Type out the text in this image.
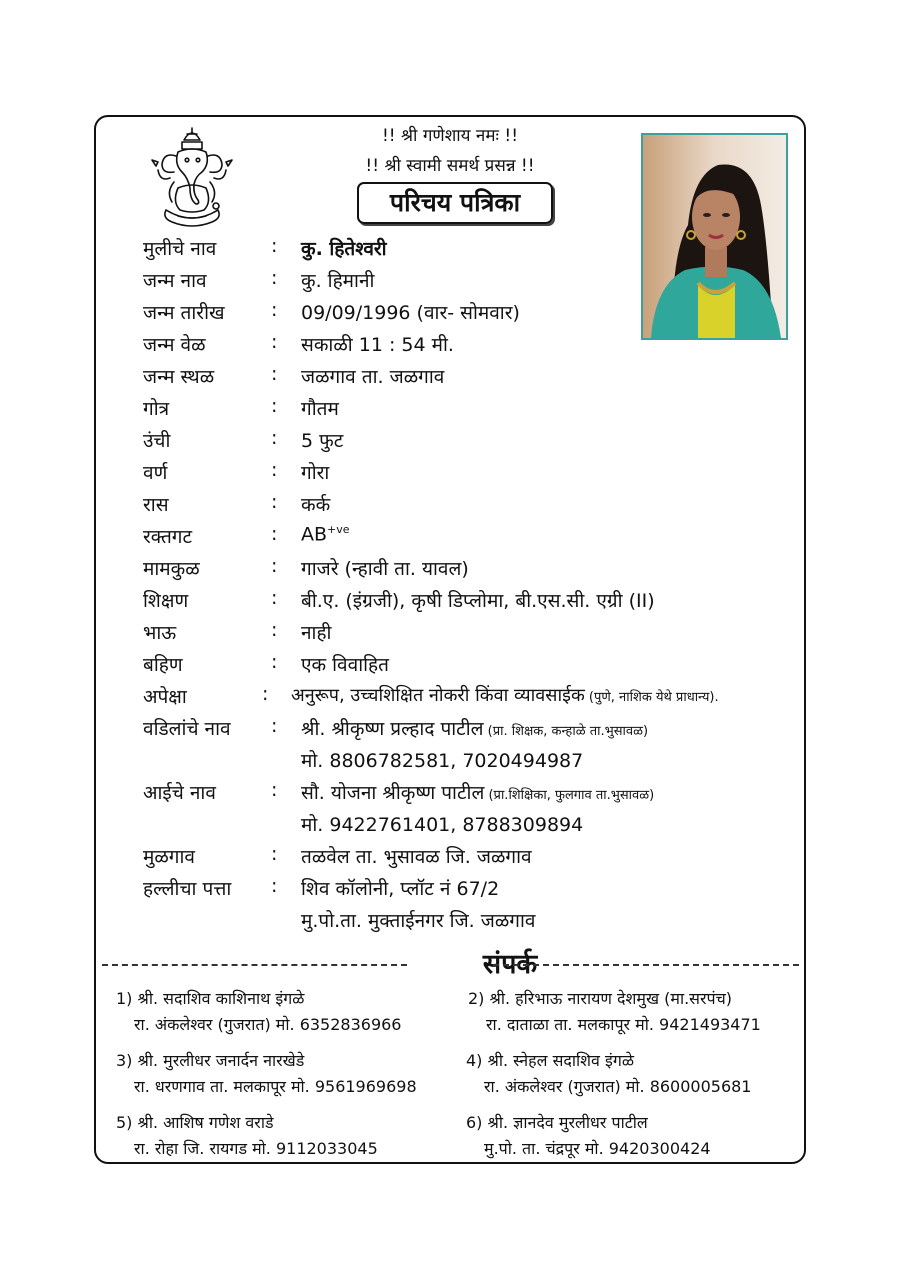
!! श्री गणेशाय नमः !!
!! श्री स्वामी समर्थ प्रसन्न !!
परिचय पत्रिका
मुलीचे नाव	: कु. हितेश्वरी
जन्म नाव	: कु. हिमानी
जन्म तारीख : 09/09/1996 (वार- सोमवार)
जन्म वेळ	: सकाळी 11 : 54 मी.
जन्म स्थळ	: जळगाव ता. जळगाव
गोत्र	: गौतम
उंची	: 5 फुट
वर्ण	: गोरा
रास	: कर्क
रक्तगट	: $AB^{+ve}$
मामकुळ	: गाजरे (न्हावी ता. यावल)
शिक्षण	: बी.ए. (इंग्रजी), कृषी डिप्लोमा, बी.एस.सी. एग्री (II)
भाऊ	: नाही
बहिण	: एक विवाहित
अपेक्षा	: अनुरूप, उच्चशिक्षित नोकरी किंवा व्यावसाईक (पुणे, नाशिक येथे प्राधान्य).
वडिलांचे नाव : श्री. श्रीकृष्ण प्रल्हाद पाटील (प्रा. शिक्षक, कन्हाळे ता.भुसावळ)
मो. 8806782581, 7020494987
आईचे नाव	: सौ. योजना श्रीकृष्ण पाटील (प्रा.शिक्षिका, फुलगाव ता.भुसावळ)
मो. 9422761401, 8788309894
मुळगाव	: तळवेल ता. भुसावळ जि. जळगाव
हल्लीचा पत्ता : शिव कॉलोनी, प्लॉट नं 67/2
मु.पो.ता. मुक्ताईनगर जि. जळगाव
संपर्क
1) श्री. सदाशिव काशिनाथ इंगळे
रा. अंकलेश्वर (गुजरात) मो. 6352836966
2) श्री. हरिभाऊ नारायण देशमुख (मा.सरपंच)
रा. दाताळा ता. मलकापूर मो. 9421493471
3) श्री. मुरलीधर जनार्दन नारखेडे
रा. धरणगाव ता. मलकापूर मो. 9561969698
4) श्री. स्नेहल सदाशिव इंगळे
रा. अंकलेश्वर (गुजरात) मो. 8600005681
5) श्री. आशिष गणेश वराडे
रा. रोहा जि. रायगड मो. 9112033045
6) श्री. ज्ञानदेव मुरलीधर पाटील
मु.पो. ता. चंद्रपूर मो. 9420300424
